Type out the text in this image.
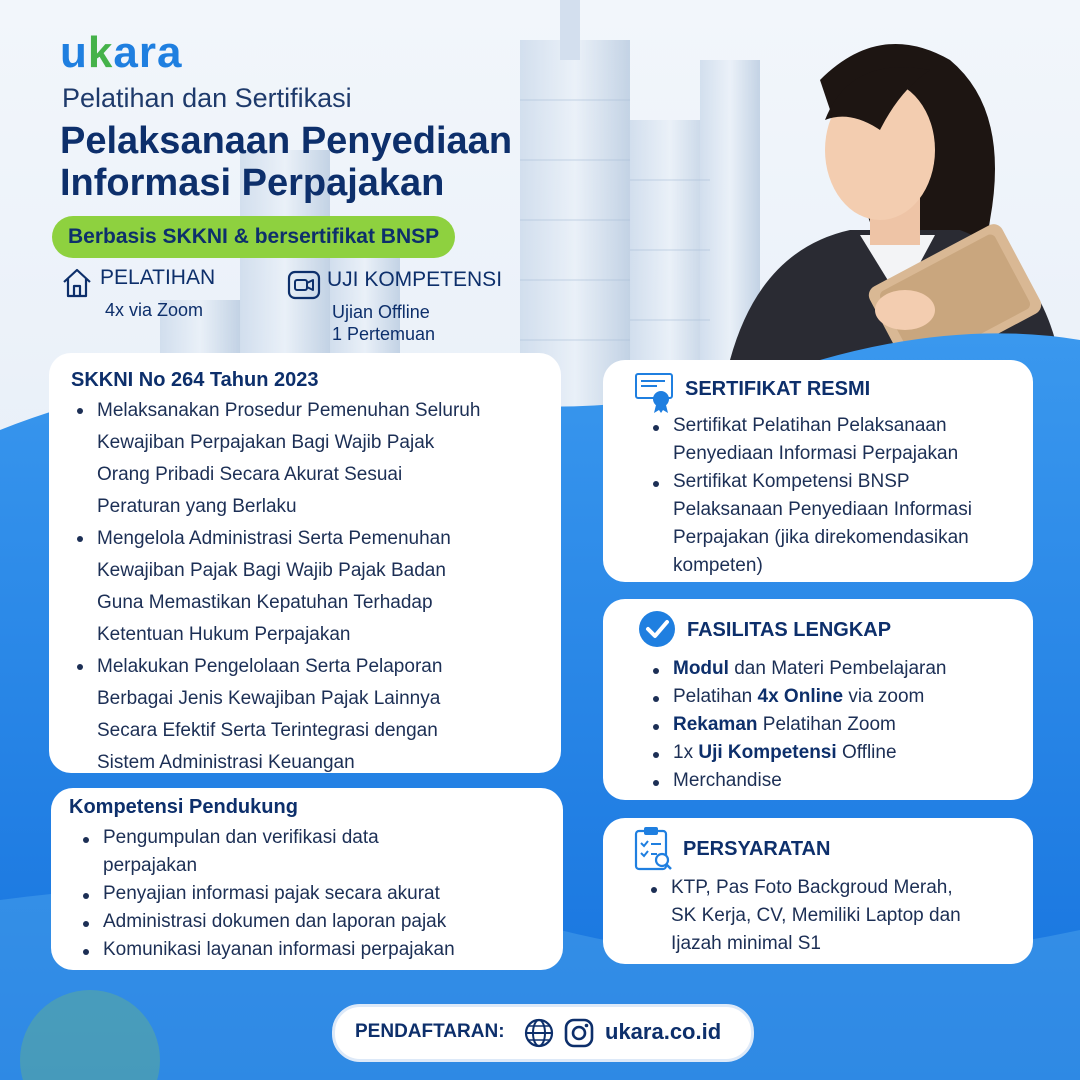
ukara
Pelatihan dan Sertifikasi
Pelaksanaan Penyediaan
Informasi Perpajakan
Berbasis SKKNI & bersertifikat BNSP
PELATIHAN
4x via Zoom
UJI KOMPETENSI
Ujian Offline
1 Pertemuan
SKKNI No 264 Tahun 2023
Melaksanakan Prosedur Pemenuhan Seluruh
Kewajiban Perpajakan Bagi Wajib Pajak
Orang Pribadi Secara Akurat Sesuai
Peraturan yang Berlaku
Mengelola Administrasi Serta Pemenuhan
Kewajiban Pajak Bagi Wajib Pajak Badan
Guna Memastikan Kepatuhan Terhadap
Ketentuan Hukum Perpajakan
Melakukan Pengelolaan Serta Pelaporan
Berbagai Jenis Kewajiban Pajak Lainnya
Secara Efektif Serta Terintegrasi dengan
Sistem Administrasi Keuangan
Kompetensi Pendukung
Pengumpulan dan verifikasi data
perpajakan
Penyajian informasi pajak secara akurat
Administrasi dokumen dan laporan pajak
Komunikasi layanan informasi perpajakan
SERTIFIKAT RESMI
Sertifikat Pelatihan Pelaksanaan
Penyediaan Informasi Perpajakan
Sertifikat Kompetensi BNSP
Pelaksanaan Penyediaan Informasi
Perpajakan (jika direkomendasikan
kompeten)
FASILITAS LENGKAP
Modul dan Materi Pembelajaran
Pelatihan 4x Online via zoom
Rekaman Pelatihan Zoom
1x Uji Kompetensi Offline
Merchandise
PERSYARATAN
KTP, Pas Foto Backgroud Merah,
SK Kerja, CV, Memiliki Laptop dan
Ijazah minimal S1
PENDAFTARAN:	ukara.co.id
